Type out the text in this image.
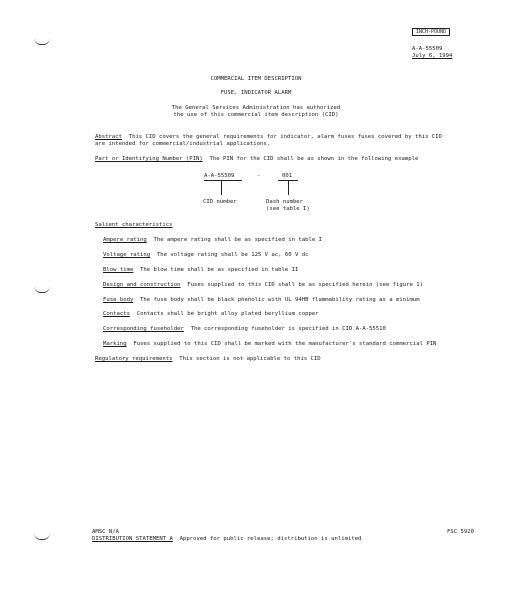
INCH-POUND
A-A-55509
July 6, 1994
COMMERCIAL ITEM DESCRIPTION
FUSE, INDICATOR ALARM
The General Services Administration has authorized
the use of this commercial item description (CID)
Abstract This CID covers the general requirements for indicator, alarm fuses fuses covered by this CID
are intended for commercial/industrial applications.
Part or Identifying Number (PIN) The PIN for the CID shall be as shown in the following example
A-A-55509	-	001
CID number	Dash number
(see table I)
Salient characteristics
Ampere rating The ampere rating shall be as specified in table I
Voltage rating The voltage rating shall be 125 V ac, 60 V dc
Blow time The blow time shall be as specified in table II
Design and construction Fuses supplied to this CID shall be as specified herein (see figure 1)
Fuse body The fuse body shall be black phenolic with UL 94HB flammability rating as a minimum
Contacts Contacts shall be bright alloy plated beryllium copper
Corresponding fuseholder The corresponding fuseholder is specified in CID A-A-55510
Marking Fuses supplied to this CID shall be marked with the manufacturer's standard commercial PIN
Regulatory requirements This section is not applicable to this CID
AMSC N/A	FSC 5920
DISTRIBUTION STATEMENT A Approved for public release; distribution is unlimited
